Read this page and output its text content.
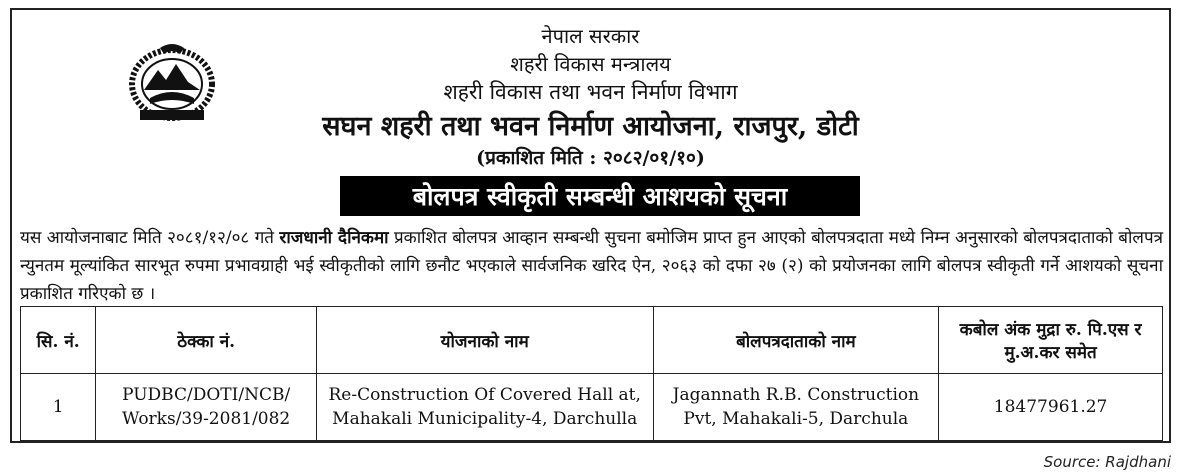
नेपाल सरकार
शहरी विकास मन्त्रालय
शहरी विकास तथा भवन निर्माण विभाग
सघन शहरी तथा भवन निर्माण आयोजना, राजपुर, डोटी
(प्रकाशित मिति : २०८२/०१/१०)
बोलपत्र स्वीकृती सम्बन्धी आशयको सूचना
यस आयोजनाबाट मिति २०८१/१२/०८ गते राजधानी दैनिकमा प्रकाशित बोलपत्र आव्हान सम्बन्धी सुचना बमोजिम प्राप्त हुन आएको बोलपत्रदाता मध्ये निम्न अनुसारको बोलपत्रदाताको बोलपत्र न्युनतम मूल्यांकित सारभूत रुपमा प्रभावग्राही भई स्वीकृतीको लागि छनौट भएकाले सार्वजनिक खरिद ऐन, २०६३ को दफा २७ (२) को प्रयोजनका लागि बोलपत्र स्वीकृती गर्ने आशयको सूचना प्रकाशित गरिएको छ ।
सि. नं.	ठेक्का नं.	योजनाको नाम	बोलपत्रदाताको नाम	कबोल अंक मुद्रा रु. पि.एस र मु.अ.कर समेत
1	PUDBC/DOTI/NCB/ Works/39-2081/082	Re-Construction Of Covered Hall at, Mahakali Municipality-4, Darchulla	Jagannath R.B. Construction Pvt, Mahakali-5, Darchula	18477961.27
Source: Rajdhani
